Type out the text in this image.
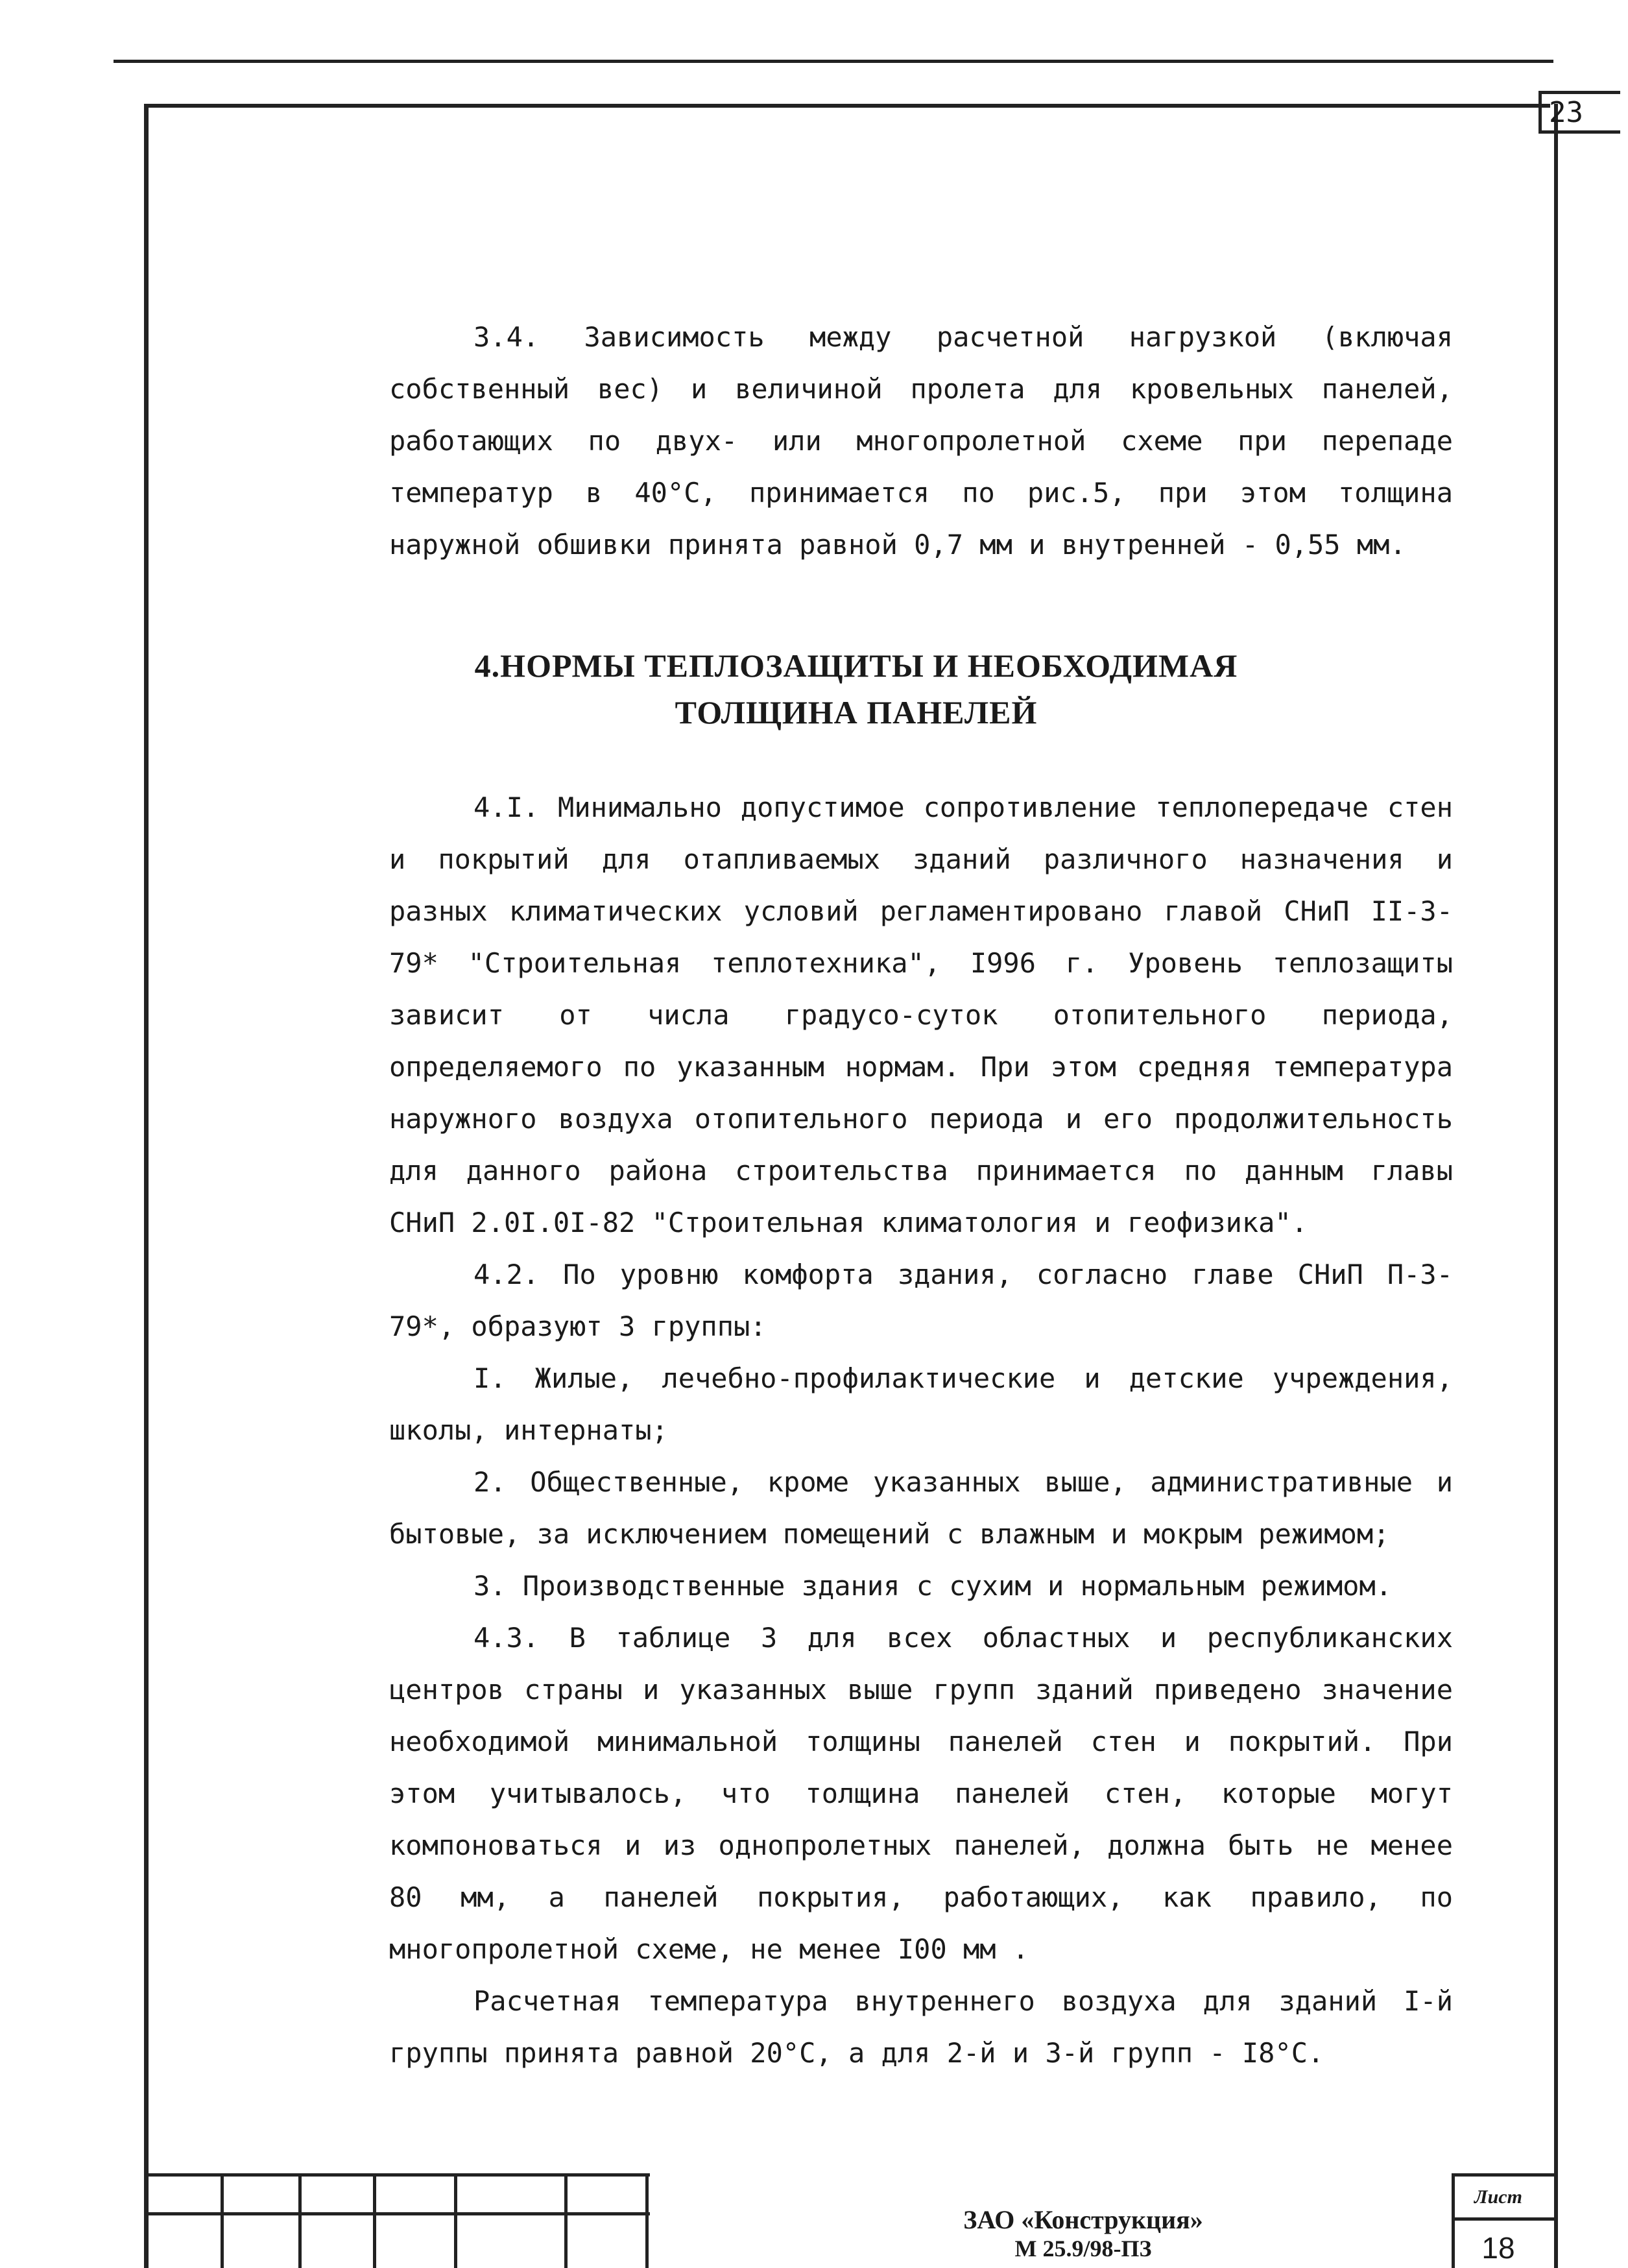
23

3.4. Зависимость между расчетной нагрузкой (включая собственный вес) и величиной пролета для кровельных панелей, работающих по двух- или многопролетной схеме при перепаде температур в 40°С, принимается по рис.5, при этом толщина наружной обшивки принята равной 0,7 мм и внутренней - 0,55 мм.

4.НОРМЫ ТЕПЛОЗАЩИТЫ И НЕОБХОДИМАЯ
ТОЛЩИНА ПАНЕЛЕЙ

4.I. Минимально допустимое сопротивление теплопередаче стен и покрытий для отапливаемых зданий различного назначения и разных климатических условий регламентировано главой СНиП II-3-79* "Строительная теплотехника", I996 г. Уровень теплозащиты зависит от числа градусо-суток отопительного периода, определяемого по указанным нормам. При этом средняя температура наружного воздуха отопительного периода и его продолжительность для данного района строительства принимается по данным главы СНиП 2.0I.0I-82 "Строительная климатология и геофизика".

4.2. По уровню комфорта здания, согласно главе СНиП П-3-79*, образуют 3 группы:

I. Жилые, лечебно-профилактические и детские учреждения, школы, интернаты;

2. Общественные, кроме указанных выше, административные и бытовые, за исключением помещений с влажным и мокрым режимом;

3. Производственные здания с сухим и нормальным режимом.

4.3. В таблице 3 для всех областных и республиканских центров страны и указанных выше групп зданий приведено значение необходимой минимальной толщины панелей стен и покрытий. При этом учитывалось, что толщина панелей стен, которые могут компоноваться и из однопролетных панелей, должна быть не менее 80 мм, а панелей покрытия, работающих, как правило, по многопролетной схеме, не менее I00 мм .

Расчетная температура внутреннего воздуха для зданий I-й группы принята равной 20°С, а для 2-й и 3-й групп - I8°С.

ЗАО «Конструкция»
М 25.9/98-ПЗ
Лист
18
